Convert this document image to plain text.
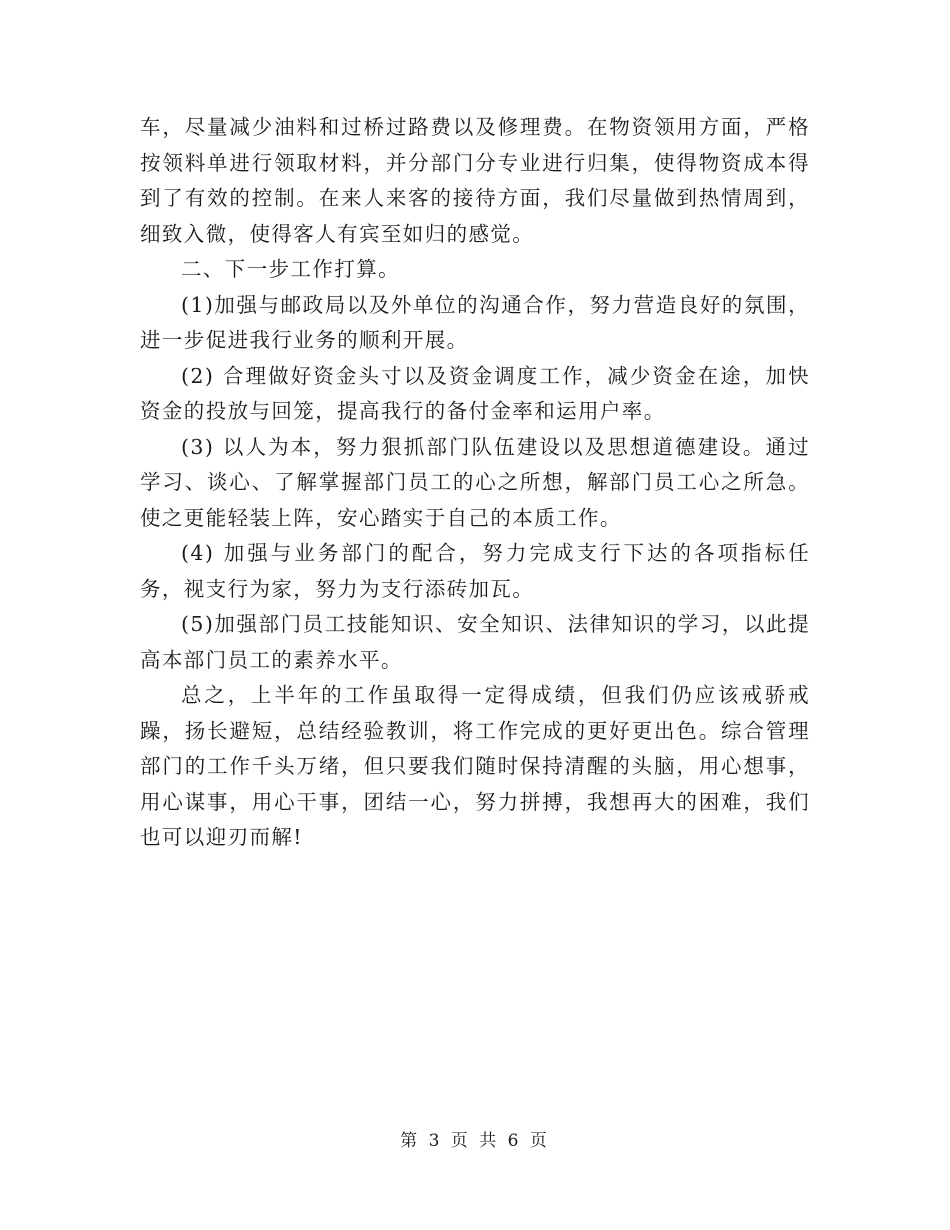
车，尽量减少油料和过桥过路费以及修理费。在物资领用方面，严格按领料单进行领取材料，并分部门分专业进行归集，使得物资成本得到了有效的控制。在来人来客的接待方面，我们尽量做到热情周到，细致入微，使得客人有宾至如归的感觉。

二、下一步工作打算。

(1)加强与邮政局以及外单位的沟通合作，努力营造良好的氛围，进一步促进我行业务的顺利开展。

(2) 合理做好资金头寸以及资金调度工作，减少资金在途，加快资金的投放与回笼，提高我行的备付金率和运用户率。

(3) 以人为本，努力狠抓部门队伍建设以及思想道德建设。通过学习、谈心、了解掌握部门员工的心之所想，解部门员工心之所急。使之更能轻装上阵，安心踏实于自己的本质工作。

(4) 加强与业务部门的配合，努力完成支行下达的各项指标任务，视支行为家，努力为支行添砖加瓦。

(5)加强部门员工技能知识、安全知识、法律知识的学习，以此提高本部门员工的素养水平。

总之，上半年的工作虽取得一定得成绩，但我们仍应该戒骄戒躁，扬长避短，总结经验教训，将工作完成的更好更出色。综合管理部门的工作千头万绪，但只要我们随时保持清醒的头脑，用心想事，用心谋事，用心干事，团结一心，努力拼搏，我想再大的困难，我们也可以迎刃而解!

第 3 页 共 6 页
